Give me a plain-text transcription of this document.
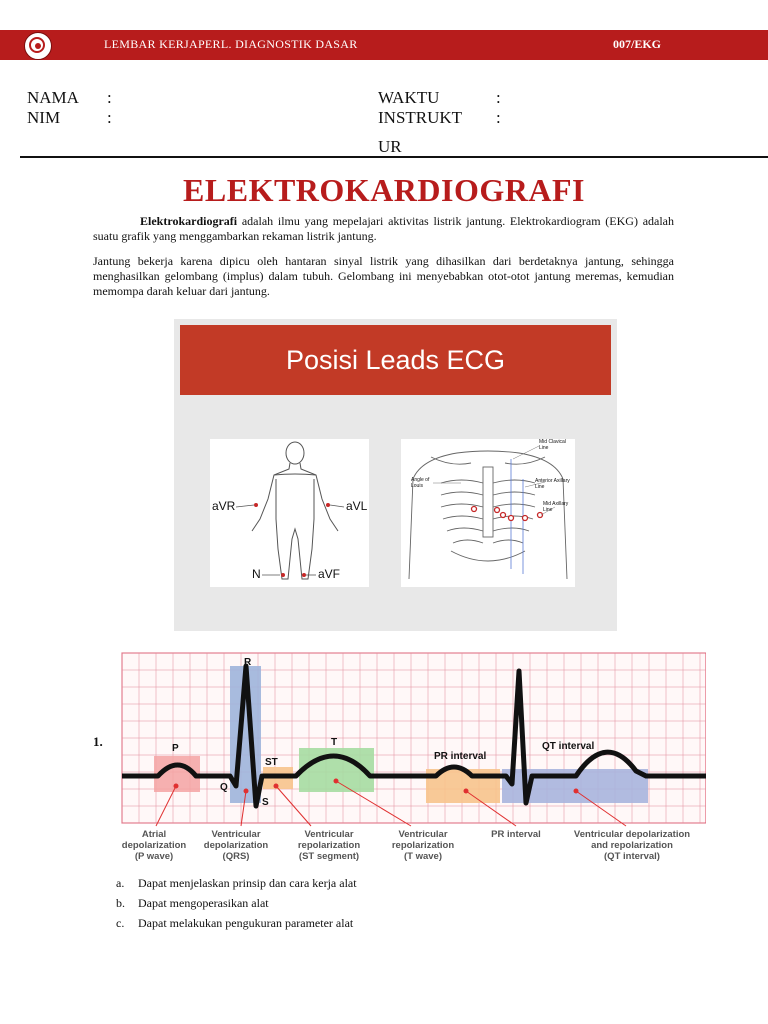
LEMBAR KERJAPERL. DIAGNOSTIK DASAR	007/EKG
NAMA :
NIM	:
WAKTU	:
INSTRUKT :
UR
ELEKTROKARDIOGRAFI
Elektrokardiografi adalah ilmu yang mepelajari aktivitas listrik jantung. Elektrokardiogram (EKG) adalah suatu grafik yang menggambarkan rekaman listrik jantung.
Jantung bekerja karena dipicu oleh hantaran sinyal listrik yang dihasilkan dari berdetaknya jantung, sehingga menghasilkan gelombang (implus) dalam tubuh. Gelombang ini menyebabkan otot-otot jantung meremas, kemudian memompa darah keluar dari jantung.
Posisi Leads ECG
aVR	aVL
N	aVF
Mid Clavical Line
Angle of Louis
Anterior Axillary Line
Mid Axillary Line
1.	P
Q
R
S
ST
T
PR interval
QT interval
Atrial
depolarization
(P wave)
Ventricular
depolarization
(QRS)
Ventricular
repolarization
(ST segment)
Ventricular
repolarization
(T wave)
PR interval	Ventricular depolarization
and repolarization
(QT interval)
a. Dapat menjelaskan prinsip dan cara kerja alat
b. Dapat mengoperasikan alat
c. Dapat melakukan pengukuran parameter alat
